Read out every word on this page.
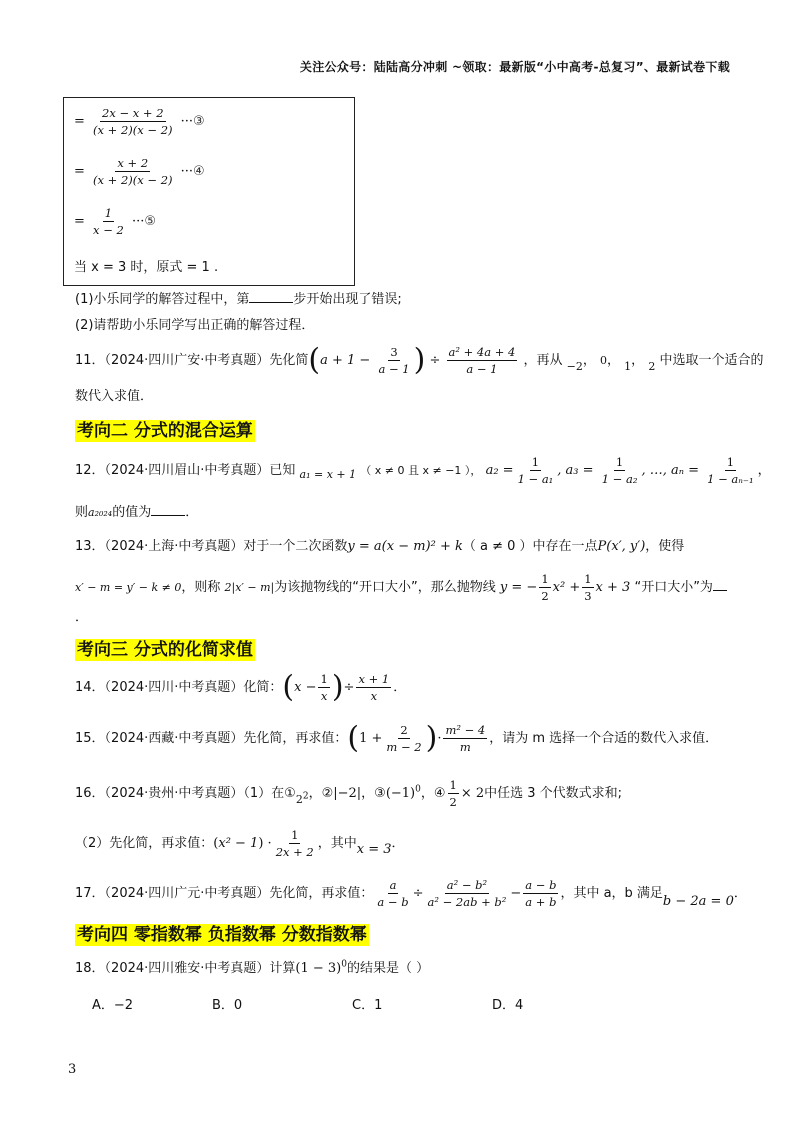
关注公众号：陆陆高分冲刺 ~领取：最新版“小中高考-总复习”、最新试卷下载
= $\frac{2x - x + 2}{(x + 2)(x - 2)}$ ···③
= $\frac{x + 2}{(x + 2)(x - 2)}$ ···④
= $\frac{1}{x - 2}$ ···⑤
当 x = 3 时，原式 = 1 .
(1)小乐同学的解答过程中，第	步开始出现了错误;
(2)请帮助小乐同学写出正确的解答过程．
11．（2024·四川广安·中考真题）先化简($a + 1 - \frac{3}{a - 1}$ ) ÷ $\frac{\text{a² + 4a + 4}}{a - 1}$ ，再从 $_{-2}$， 0， $_1$， $_2$ 中选取一个适合的
数代入求值．
考向二 分式的混合运算
12．（2024·四川眉山·中考真题）已知 $_{a_1 = x + 1}$ （ x ≠ 0 且 x ≠ −1 ）， $a_2 = \frac{1}{\text{1 − a₁}}$ , $a_3 = \frac{1}{\text{1 − a₂}}$ , …, $a_n = \frac{1}{\text{1 − aₙ₋₁}}$ ，
则a₂₀₂₄的值为	．
13．（2024·上海·中考真题）对于一个二次函数y = a(x − m)² + k（ a ≠ 0 ）中存在一点P(x′, y′)，使得
x′ − m = y′ − k ≠ 0，则称 2|x′ − m|为该抛物线的“开口大小”，那么抛物线 y = − $\frac{1}{2} x^2 + \frac{1}{3}$ x + 3 “开口大小”为
．
考向三 分式的化简求值
14．（2024·四川·中考真题）化简：($x - \frac{1}{x}$ )÷ $\frac{x + 1}{x}$ ．
15．（2024·西藏·中考真题）先化简，再求值：($1 + \frac{2}{m - 2}$ )· $\frac{\text{m² − 4}}{m}$ ，请为 m 选择一个合适的数代入求值．
16．（2024·贵州·中考真题）（1）在$①_{2^2}$，②|−2|，$③(-1)^0$，④ $\frac{1}{2} \times 2$中任选 3 个代数式求和;
（2）先化简，再求值：$(x^2 - 1) \cdot \frac{1}{2x + 2}$ ，其中x = 3．
17．（2024·四川广元·中考真题）先化简，再求值： $\frac{a}{a - b} \div \frac{\text{a² − b²}}{\text{a² − 2ab + b²}} - \frac{a - b}{a + b}$ ，其中 a，b 满足b − 2a = 0．
考向四 零指数幂 负指数幂 分数指数幂
18．（2024·四川雅安·中考真题）计算$(1 - 3)^0$的结果是（ ）
A．−2	B．0	C．1	D．4
3
